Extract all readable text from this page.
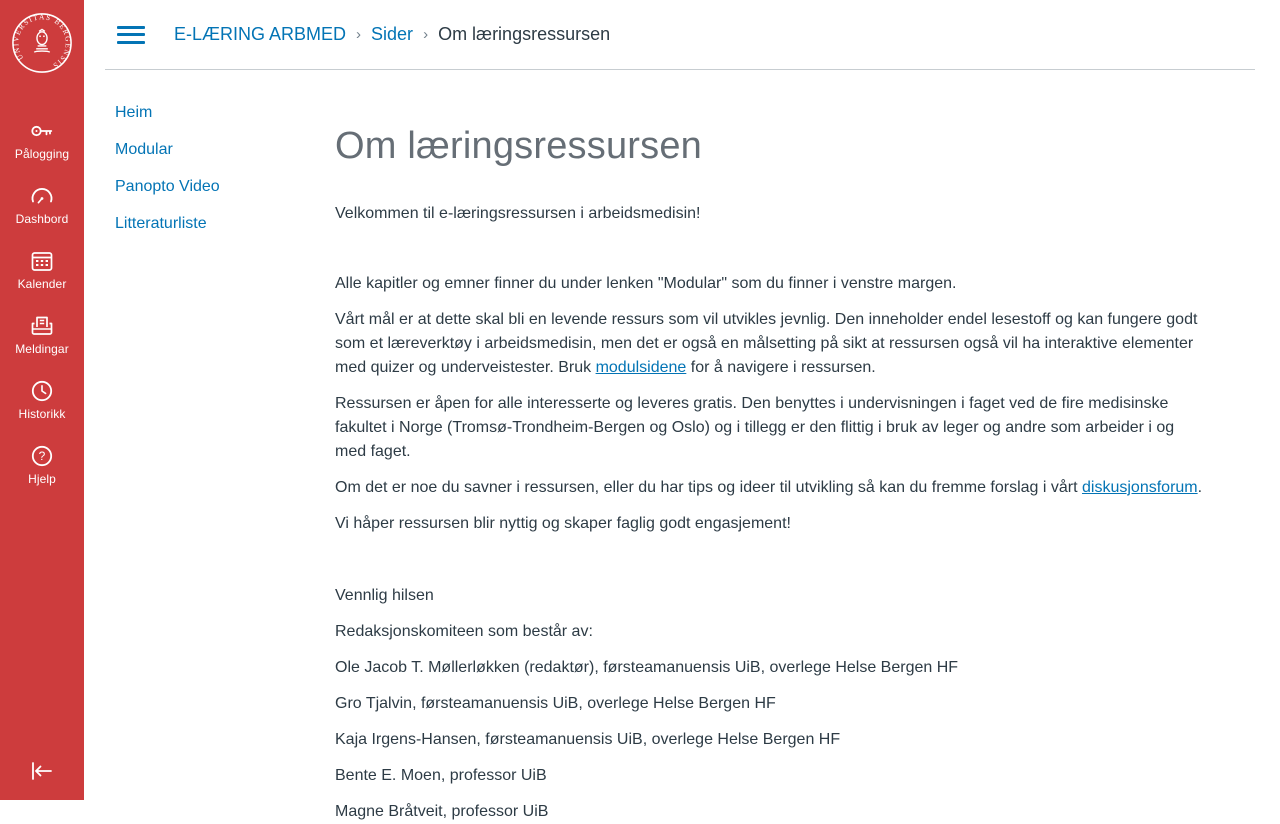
UNIVERSITAS BERGENSIS
Pålogging
Dashbord
Kalender
Meldingar
Historikk
?
Hjelp
E-LÆRING ARBMED › Sider › Om læringsressursen
Heim
Modular
Panopto Video
Litteraturliste
Om læringsressursen

Velkommen til e-læringsressursen i arbeidsmedisin!

Alle kapitler og emner finner du under lenken "Modular" som du finner i venstre margen.

Vårt mål er at dette skal bli en levende ressurs som vil utvikles jevnlig. Den inneholder endel lesestoff og kan fungere godt som et læreverktøy i arbeidsmedisin, men det er også en målsetting på sikt at ressursen også vil ha interaktive elementer med quizer og underveistester. Bruk modulsidene for å navigere i ressursen.

Ressursen er åpen for alle interesserte og leveres gratis. Den benyttes i undervisningen i faget ved de fire medisinske fakultet i Norge (Tromsø-Trondheim-Bergen og Oslo) og i tillegg er den flittig i bruk av leger og andre som arbeider i og med faget.

Om det er noe du savner i ressursen, eller du har tips og ideer til utvikling så kan du fremme forslag i vårt diskusjonsforum.

Vi håper ressursen blir nyttig og skaper faglig godt engasjement!

Vennlig hilsen

Redaksjonskomiteen som består av:

Ole Jacob T. Møllerløkken (redaktør), førsteamanuensis UiB, overlege Helse Bergen HF

Gro Tjalvin, førsteamanuensis UiB, overlege Helse Bergen HF

Kaja Irgens-Hansen, førsteamanuensis UiB, overlege Helse Bergen HF

Bente E. Moen, professor UiB

Magne Bråtveit, professor UiB
